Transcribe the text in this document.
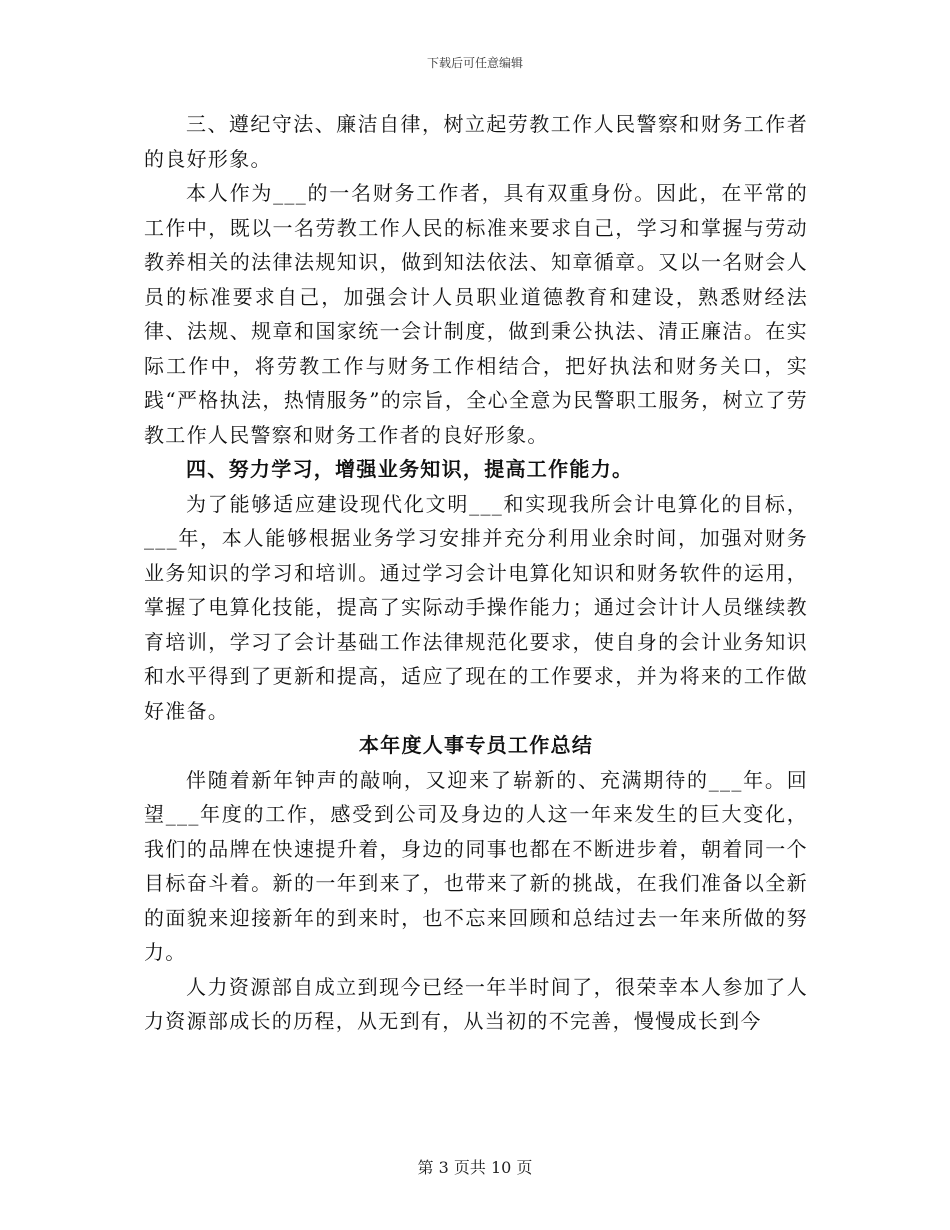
下载后可任意编辑

三、遵纪守法、廉洁自律，树立起劳教工作人民警察和财务工作者的良好形象。

本人作为___的一名财务工作者，具有双重身份。因此，在平常的工作中，既以一名劳教工作人民的标准来要求自己，学习和掌握与劳动教养相关的法律法规知识，做到知法依法、知章循章。又以一名财会人员的标准要求自己，加强会计人员职业道德教育和建设，熟悉财经法律、法规、规章和国家统一会计制度，做到秉公执法、清正廉洁。在实际工作中，将劳教工作与财务工作相结合，把好执法和财务关口，实践“严格执法，热情服务”的宗旨，全心全意为民警职工服务，树立了劳教工作人民警察和财务工作者的良好形象。

四、努力学习，增强业务知识，提高工作能力。

为了能够适应建设现代化文明___和实现我所会计电算化的目标，___年，本人能够根据业务学习安排并充分利用业余时间，加强对财务业务知识的学习和培训。通过学习会计电算化知识和财务软件的运用，掌握了电算化技能，提高了实际动手操作能力；通过会计计人员继续教育培训，学习了会计基础工作法律规范化要求，使自身的会计业务知识和水平得到了更新和提高，适应了现在的工作要求，并为将来的工作做好准备。

本年度人事专员工作总结

伴随着新年钟声的敲响，又迎来了崭新的、充满期待的___年。回望___年度的工作，感受到公司及身边的人这一年来发生的巨大变化，我们的品牌在快速提升着，身边的同事也都在不断进步着，朝着同一个目标奋斗着。新的一年到来了，也带来了新的挑战，在我们准备以全新的面貌来迎接新年的到来时，也不忘来回顾和总结过去一年来所做的努力。

人力资源部自成立到现今已经一年半时间了，很荣幸本人参加了人力资源部成长的历程，从无到有，从当初的不完善，慢慢成长到今

第 3 页共 10 页
